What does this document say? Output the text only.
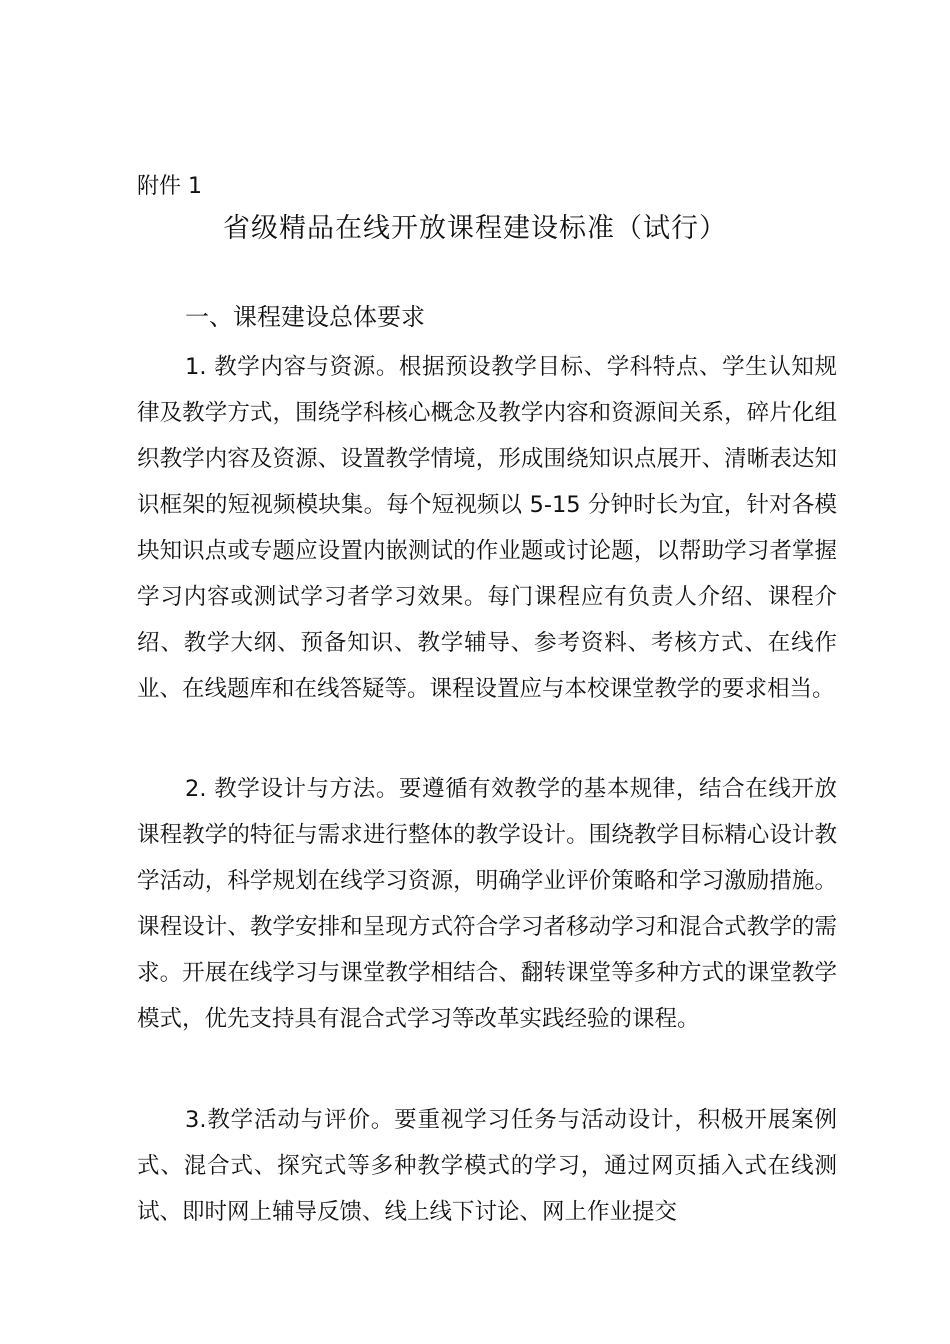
附件 1
省级精品在线开放课程建设标准（试行）
一、课程建设总体要求

1. 教学内容与资源。根据预设教学目标、学科特点、学生认知规律及教学方式，围绕学科核心概念及教学内容和资源间关系，碎片化组织教学内容及资源、设置教学情境，形成围绕知识点展开、清晰表达知识框架的短视频模块集。每个短视频以 5-15 分钟时长为宜，针对各模块知识点或专题应设置内嵌测试的作业题或讨论题，以帮助学习者掌握学习内容或测试学习者学习效果。每门课程应有负责人介绍、课程介绍、教学大纲、预备知识、教学辅导、参考资料、考核方式、在线作业、在线题库和在线答疑等。课程设置应与本校课堂教学的要求相当。

2. 教学设计与方法。要遵循有效教学的基本规律，结合在线开放课程教学的特征与需求进行整体的教学设计。围绕教学目标精心设计教学活动，科学规划在线学习资源，明确学业评价策略和学习激励措施。课程设计、教学安排和呈现方式符合学习者移动学习和混合式教学的需求。开展在线学习与课堂教学相结合、翻转课堂等多种方式的课堂教学模式，优先支持具有混合式学习等改革实践经验的课程。

3.教学活动与评价。要重视学习任务与活动设计，积极开展案例式、混合式、探究式等多种教学模式的学习，通过网页插入式在线测试、即时网上辅导反馈、线上线下讨论、网上作业提交
